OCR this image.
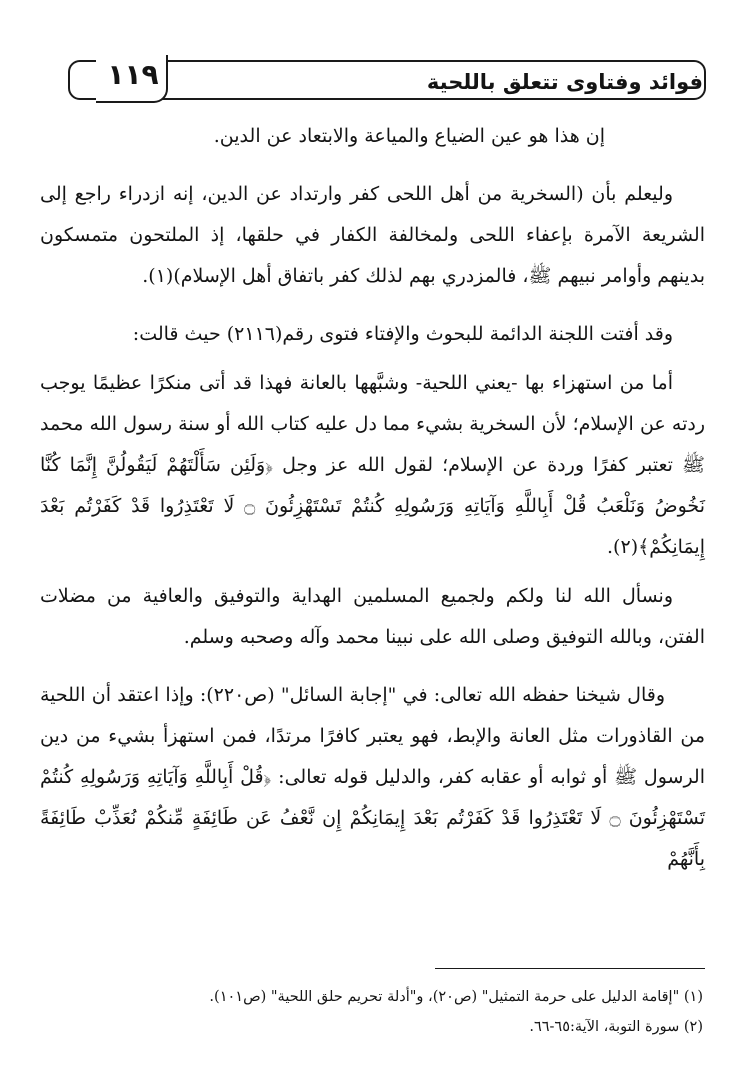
فوائد وفتاوى تتعلق باللحية
١١٩

إن هذا هو عين الضياع والمياعة والابتعاد عن الدين.

وليعلم بأن (السخرية من أهل اللحى كفر وارتداد عن الدين، إنه ازدراء راجع إلى الشريعة الآمرة بإعفاء اللحى ولمخالفة الكفار في حلقها، إذ الملتحون متمسكون بدينهم وأوامر نبيهم ﷺ، فالمزدري بهم لذلك كفر باتفاق أهل الإسلام)(١).

وقد أفتت اللجنة الدائمة للبحوث والإفتاء فتوى رقم(٢١١٦) حيث قالت:

أما من استهزاء بها -يعني اللحية- وشبَّهها بالعانة فهذا قد أتى منكرًا عظيمًا يوجب ردته عن الإسلام؛ لأن السخرية بشيء مما دل عليه كتاب الله أو سنة رسول الله محمد ﷺ تعتبر كفرًا وردة عن الإسلام؛ لقول الله عز وجل ﴿وَلَئِن سَأَلْتَهُمْ لَيَقُولُنَّ إِنَّمَا كُنَّا نَخُوضُ وَنَلْعَبُ قُلْ أَبِاللَّهِ وَآيَاتِهِ وَرَسُولِهِ كُنتُمْ تَسْتَهْزِئُونَ ۝ لَا تَعْتَذِرُوا قَدْ كَفَرْتُم بَعْدَ إِيمَانِكُمْ﴾(٢).

ونسأل الله لنا ولكم ولجميع المسلمين الهداية والتوفيق والعافية من مضلات الفتن، وبالله التوفيق وصلى الله على نبينا محمد وآله وصحبه وسلم.

وقال شيخنا حفظه الله تعالى: في "إجابة السائل" (ص٢٢٠): وإذا اعتقد أن اللحية من القاذورات مثل العانة والإبط، فهو يعتبر كافرًا مرتدًا، فمن استهزأ بشيء من دين الرسول ﷺ أو ثوابه أو عقابه كفر، والدليل قوله تعالى: ﴿قُلْ أَبِاللَّهِ وَآيَاتِهِ وَرَسُولِهِ كُنتُمْ تَسْتَهْزِئُونَ ۝ لَا تَعْتَذِرُوا قَدْ كَفَرْتُم بَعْدَ إِيمَانِكُمْ إِن نَّعْفُ عَن طَائِفَةٍ مِّنكُمْ نُعَذِّبْ طَائِفَةً بِأَنَّهُمْ

(١) "إقامة الدليل على حرمة التمثيل" (ص٢٠)، و"أدلة تحريم حلق اللحية" (ص١٠١).

(٢) سورة التوبة، الآية:٦٥-٦٦.
